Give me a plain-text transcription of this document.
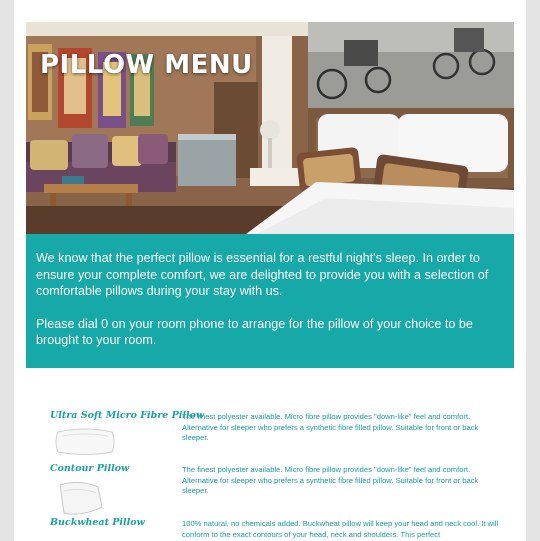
PILLOW MENU

We know that the perfect pillow is essential for a restful night's sleep. In order to ensure your complete comfort, we are delighted to provide you with a selection of comfortable pillows during your stay with us.

Please dial 0 on your room phone to arrange for the pillow of your choice to be brought to your room.

Ultra Soft Micro Fibre Pillow
The finest polyester available. Micro fibre pillow provides "down-like" feel and comfort. Alternative for sleeper who prefers a synthetic fibre filled pillow. Suitable for front or back sleeper.
Contour Pillow	The finest polyester available. Micro fibre pillow provides "down-like" feel and comfort. Alternative for sleeper who prefers a synthetic fibre filled pillow. Suitable for front or back sleeper.
Buckwheat Pillow	100% natural, no chemicals added. Buckwheat pillow will keep your head and neck cool. It will conform to the exact contours of your head, neck and shoulders. This perfect
